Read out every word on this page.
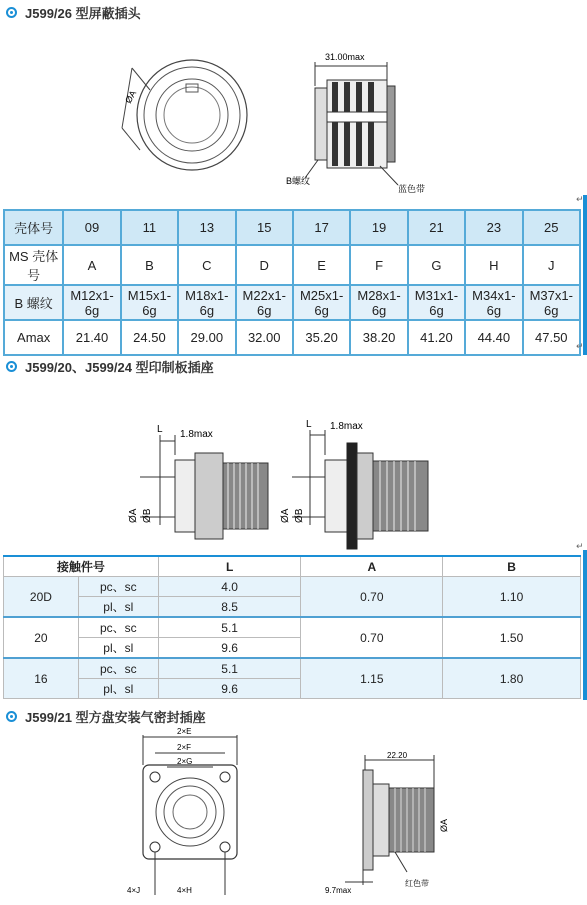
J599/26 型屏蔽插头
ØA
31.00max
B螺纹
蓝色带
壳体号	09	11	13	15	17	19	21	23	25
MS 壳体号	A	B	C	D	E	F	G	H	J
B 螺纹	M12x1-6g	M15x1-6g	M18x1-6g	M22x1-6g	M25x1-6g	M28x1-6g	M31x1-6g	M34x1-6g	M37x1-6g
Amax	21.40	24.50	29.00	32.00	35.20	38.20	41.20	44.40	47.50
↵
↵
J599/20、J599/24 型印制板插座
L 1.8max
ØA ØB
L 1.8max
ØA ØB
↵
接触件号		L	A	B
20D	pc、sc	4.0	0.70	1.10
	pl、sl	8.5		
20	pc、sc	5.1	0.70	1.50
	pl、sl	9.6		
16	pc、sc	5.1	1.15	1.80
	pl、sl	9.6		
J599/21 型方盘安装气密封插座
2×E
2×F
2×G
4×J	4×H
22.20
9.7max
红色带
ØA
